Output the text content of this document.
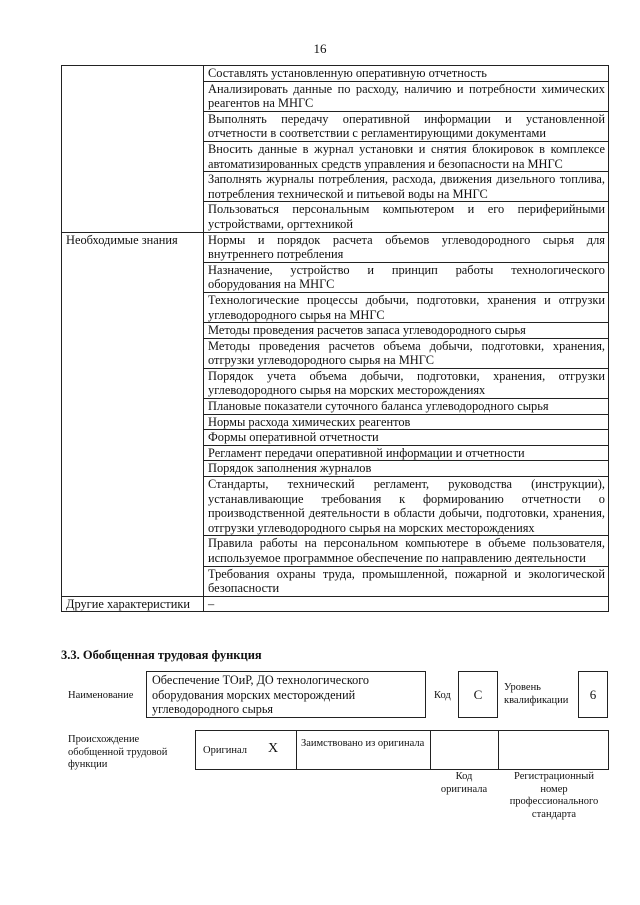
16
	Составлять установленную оперативную отчетность
	Анализировать данные по расходу, наличию и потребности химических реагентов на МНГС
	Выполнять передачу оперативной информации и установленной отчетности в соответствии с регламентирующими документами
	Вносить данные в журнал установки и снятия блокировок в комплексе автоматизированных средств управления и безопасности на МНГС
	Заполнять журналы потребления, расхода, движения дизельного топлива, потребления технической и питьевой воды на МНГС
	Пользоваться персональным компьютером и его периферийными устройствами, оргтехникой
Необходимые знания	Нормы и порядок расчета объемов углеводородного сырья для внутреннего потребления
	Назначение, устройство и принцип работы технологического оборудования на МНГС
	Технологические процессы добычи, подготовки, хранения и отгрузки углеводородного сырья на МНГС
	Методы проведения расчетов запаса углеводородного сырья
	Методы проведения расчетов объема добычи, подготовки, хранения, отгрузки углеводородного сырья на МНГС
	Порядок учета объема добычи, подготовки, хранения, отгрузки углеводородного сырья на морских месторождениях
	Плановые показатели суточного баланса углеводородного сырья
	Нормы расхода химических реагентов
	Формы оперативной отчетности
	Регламент передачи оперативной информации и отчетности
	Порядок заполнения журналов
	Стандарты, технический регламент, руководства (инструкции), устанавливающие требования к формированию отчетности о производственной деятельности в области добычи, подготовки, хранения, отгрузки углеводородного сырья на морских месторождениях
	Правила работы на персональном компьютере в объеме пользователя, используемое программное обеспечение по направлению деятельности
	Требования охраны труда, промышленной, пожарной и экологической безопасности
Другие характеристики	–
3.3. Обобщенная трудовая функция
Наименование
Обеспечение ТОиР, ДО технологического оборудования морских месторождений углеводородного сырья
Код	С	Уровень квалификации	6
Происхождение обобщенной трудовой функции
Оригинал X Заимствовано из оригинала
Код оригинала
Регистрационный номер профессионального стандарта
